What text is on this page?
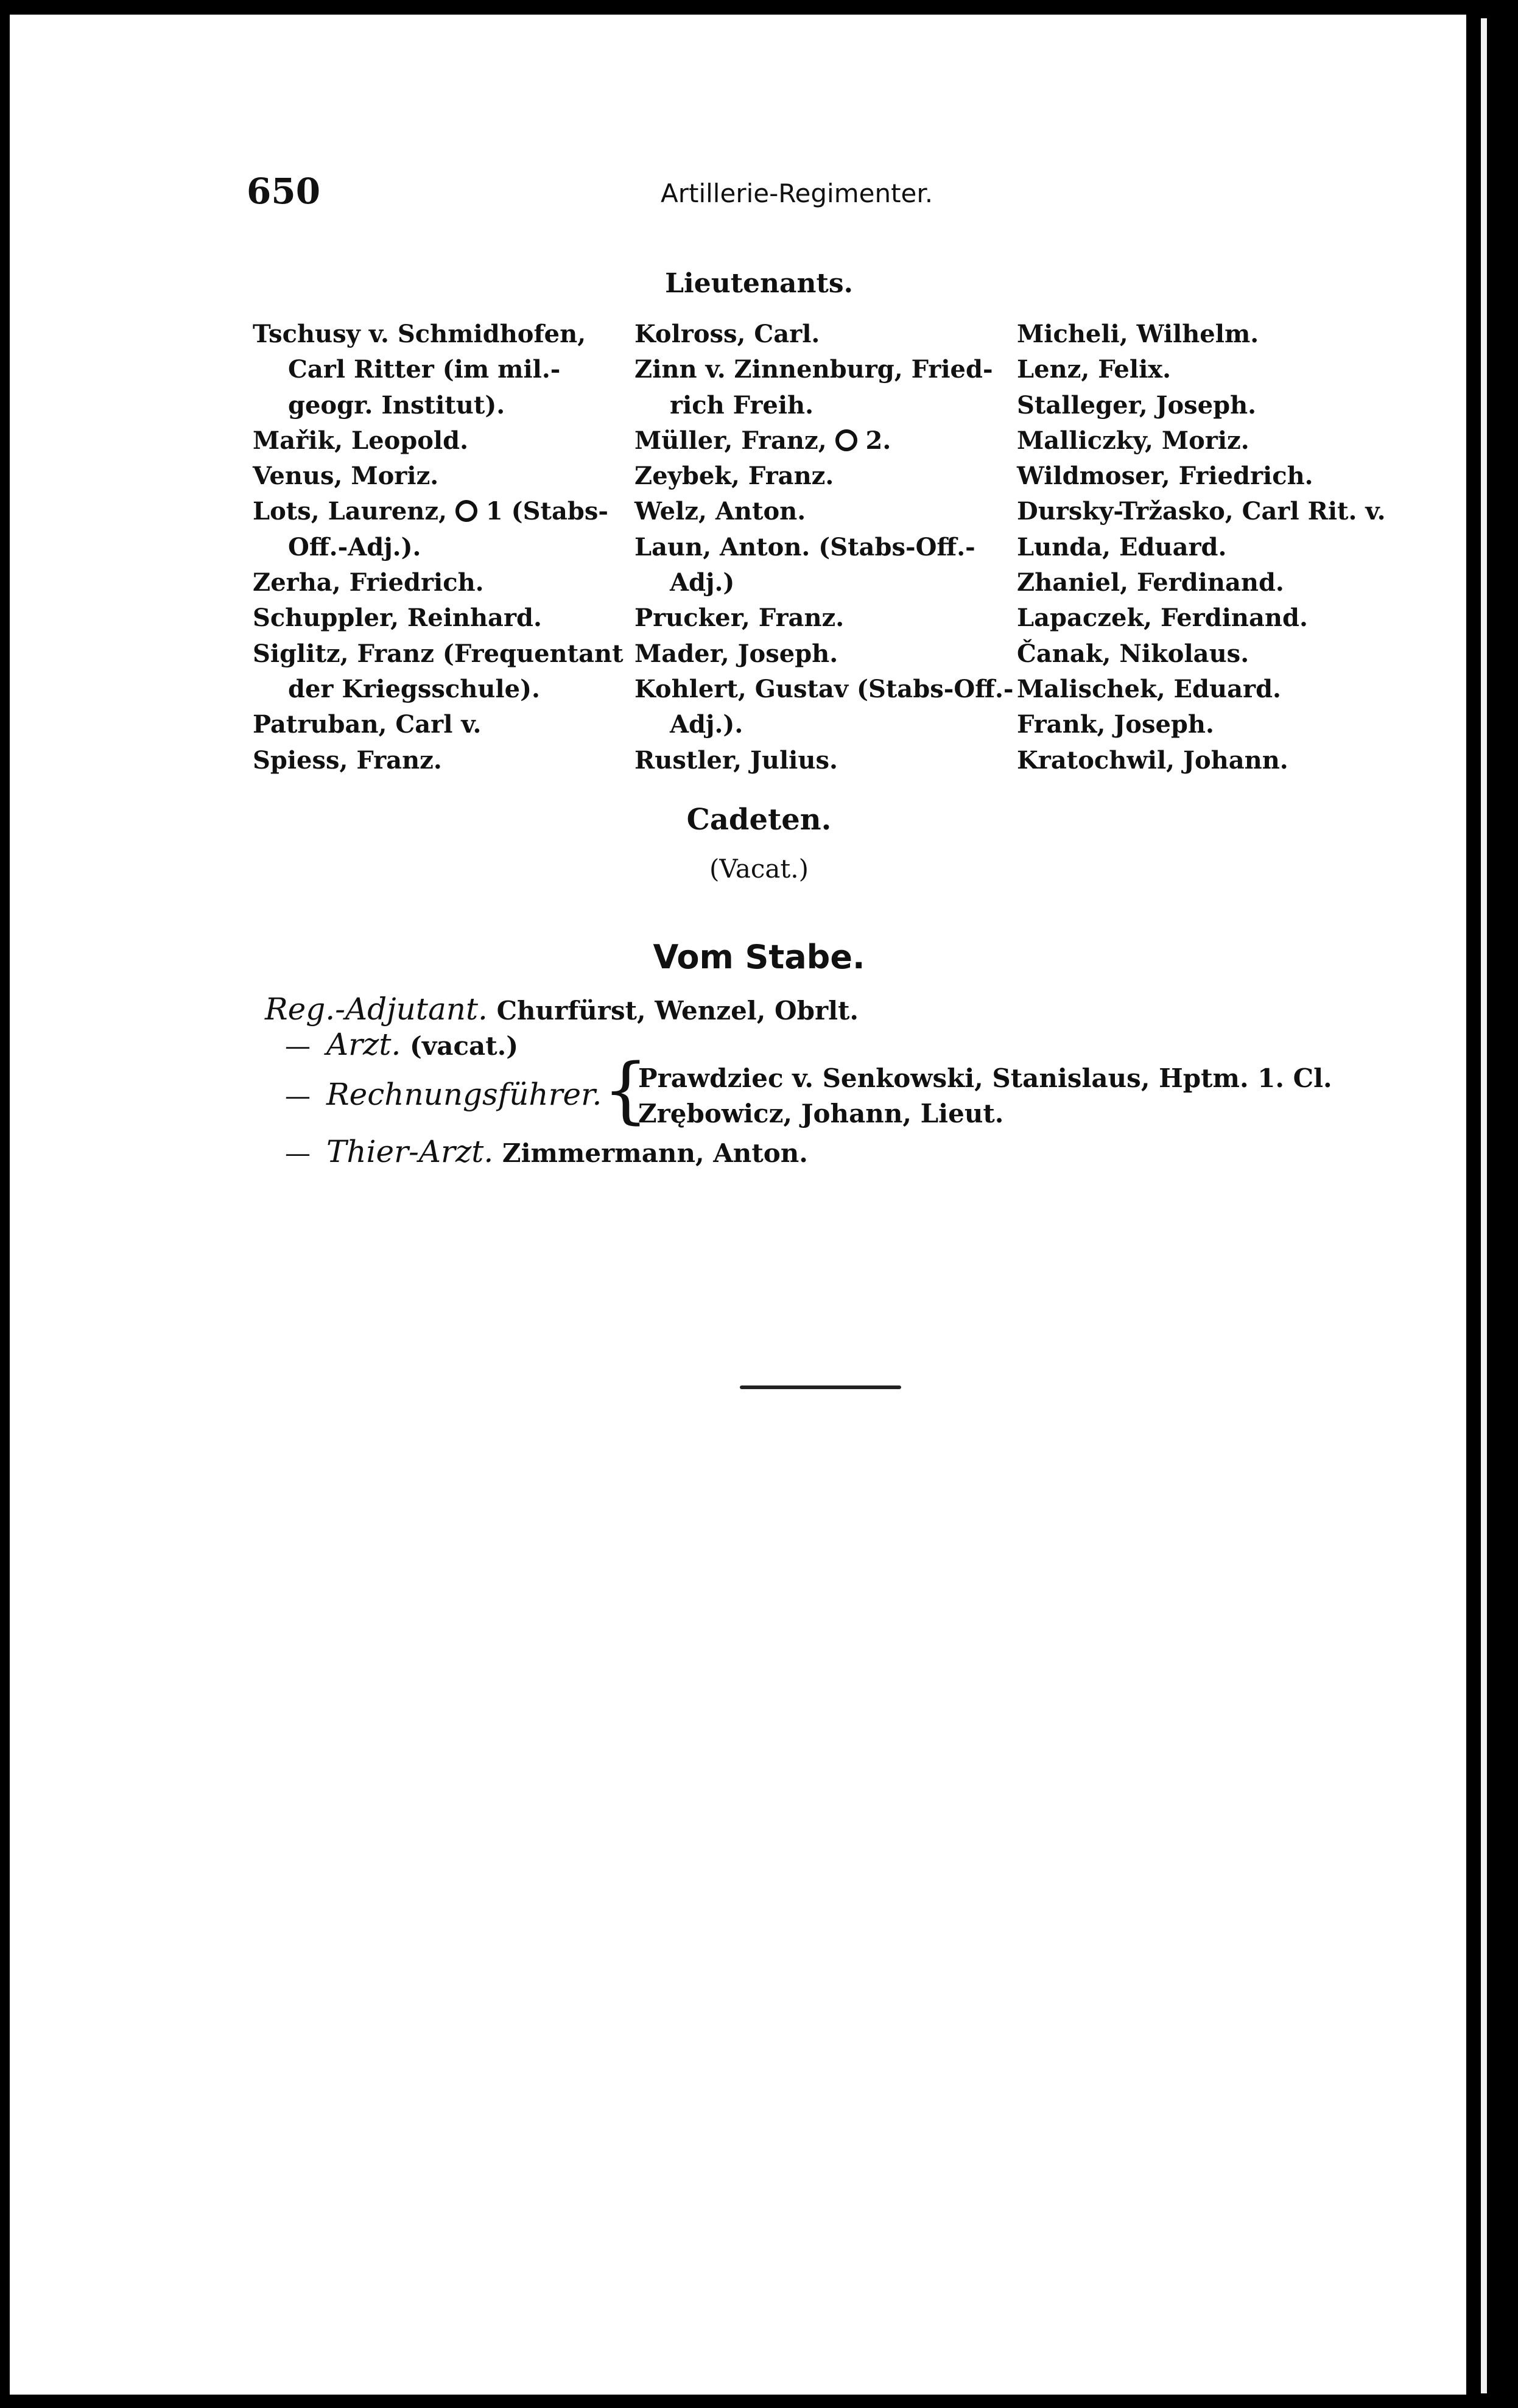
650	Artillerie-Regimenter.
Lieutenants.
Tschusy v. Schmidhofen,
Carl Ritter (im mil.-
geogr. Institut).
Mařik, Leopold.
Venus, Moriz.
Lots, Laurenz, 1 (Stabs-
Off.-Adj.).
Zerha, Friedrich.
Schuppler, Reinhard.
Siglitz, Franz (Frequentant
der Kriegsschule).
Patruban, Carl v.
Spiess, Franz.
Kolross, Carl.
Zinn v. Zinnenburg, Fried-
rich Freih.
Müller, Franz, 2.
Zeybek, Franz.
Welz, Anton.
Laun, Anton. (Stabs-Off.-
Adj.)
Prucker, Franz.
Mader, Joseph.
Kohlert, Gustav (Stabs-Off.-
Adj.).
Rustler, Julius.
Micheli, Wilhelm.
Lenz, Felix.
Stalleger, Joseph.
Malliczky, Moriz.
Wildmoser, Friedrich.
Dursky-Tržasko, Carl Rit. v.
Lunda, Eduard.
Zhaniel, Ferdinand.
Lapaczek, Ferdinand.
Čanak, Nikolaus.
Malischek, Eduard.
Frank, Joseph.
Kratochwil, Johann.
Cadeten.
(Vacat.)
Vom Stabe.
Reg.-Adjutant. Churfürst, Wenzel, Obrlt.
— Arzt. (vacat.)
— Rechnungsführer. {
Prawdziec v. Senkowski, Stanislaus, Hptm. 1. Cl.
Zrębowicz, Johann, Lieut.
— Thier-Arzt. Zimmermann, Anton.
